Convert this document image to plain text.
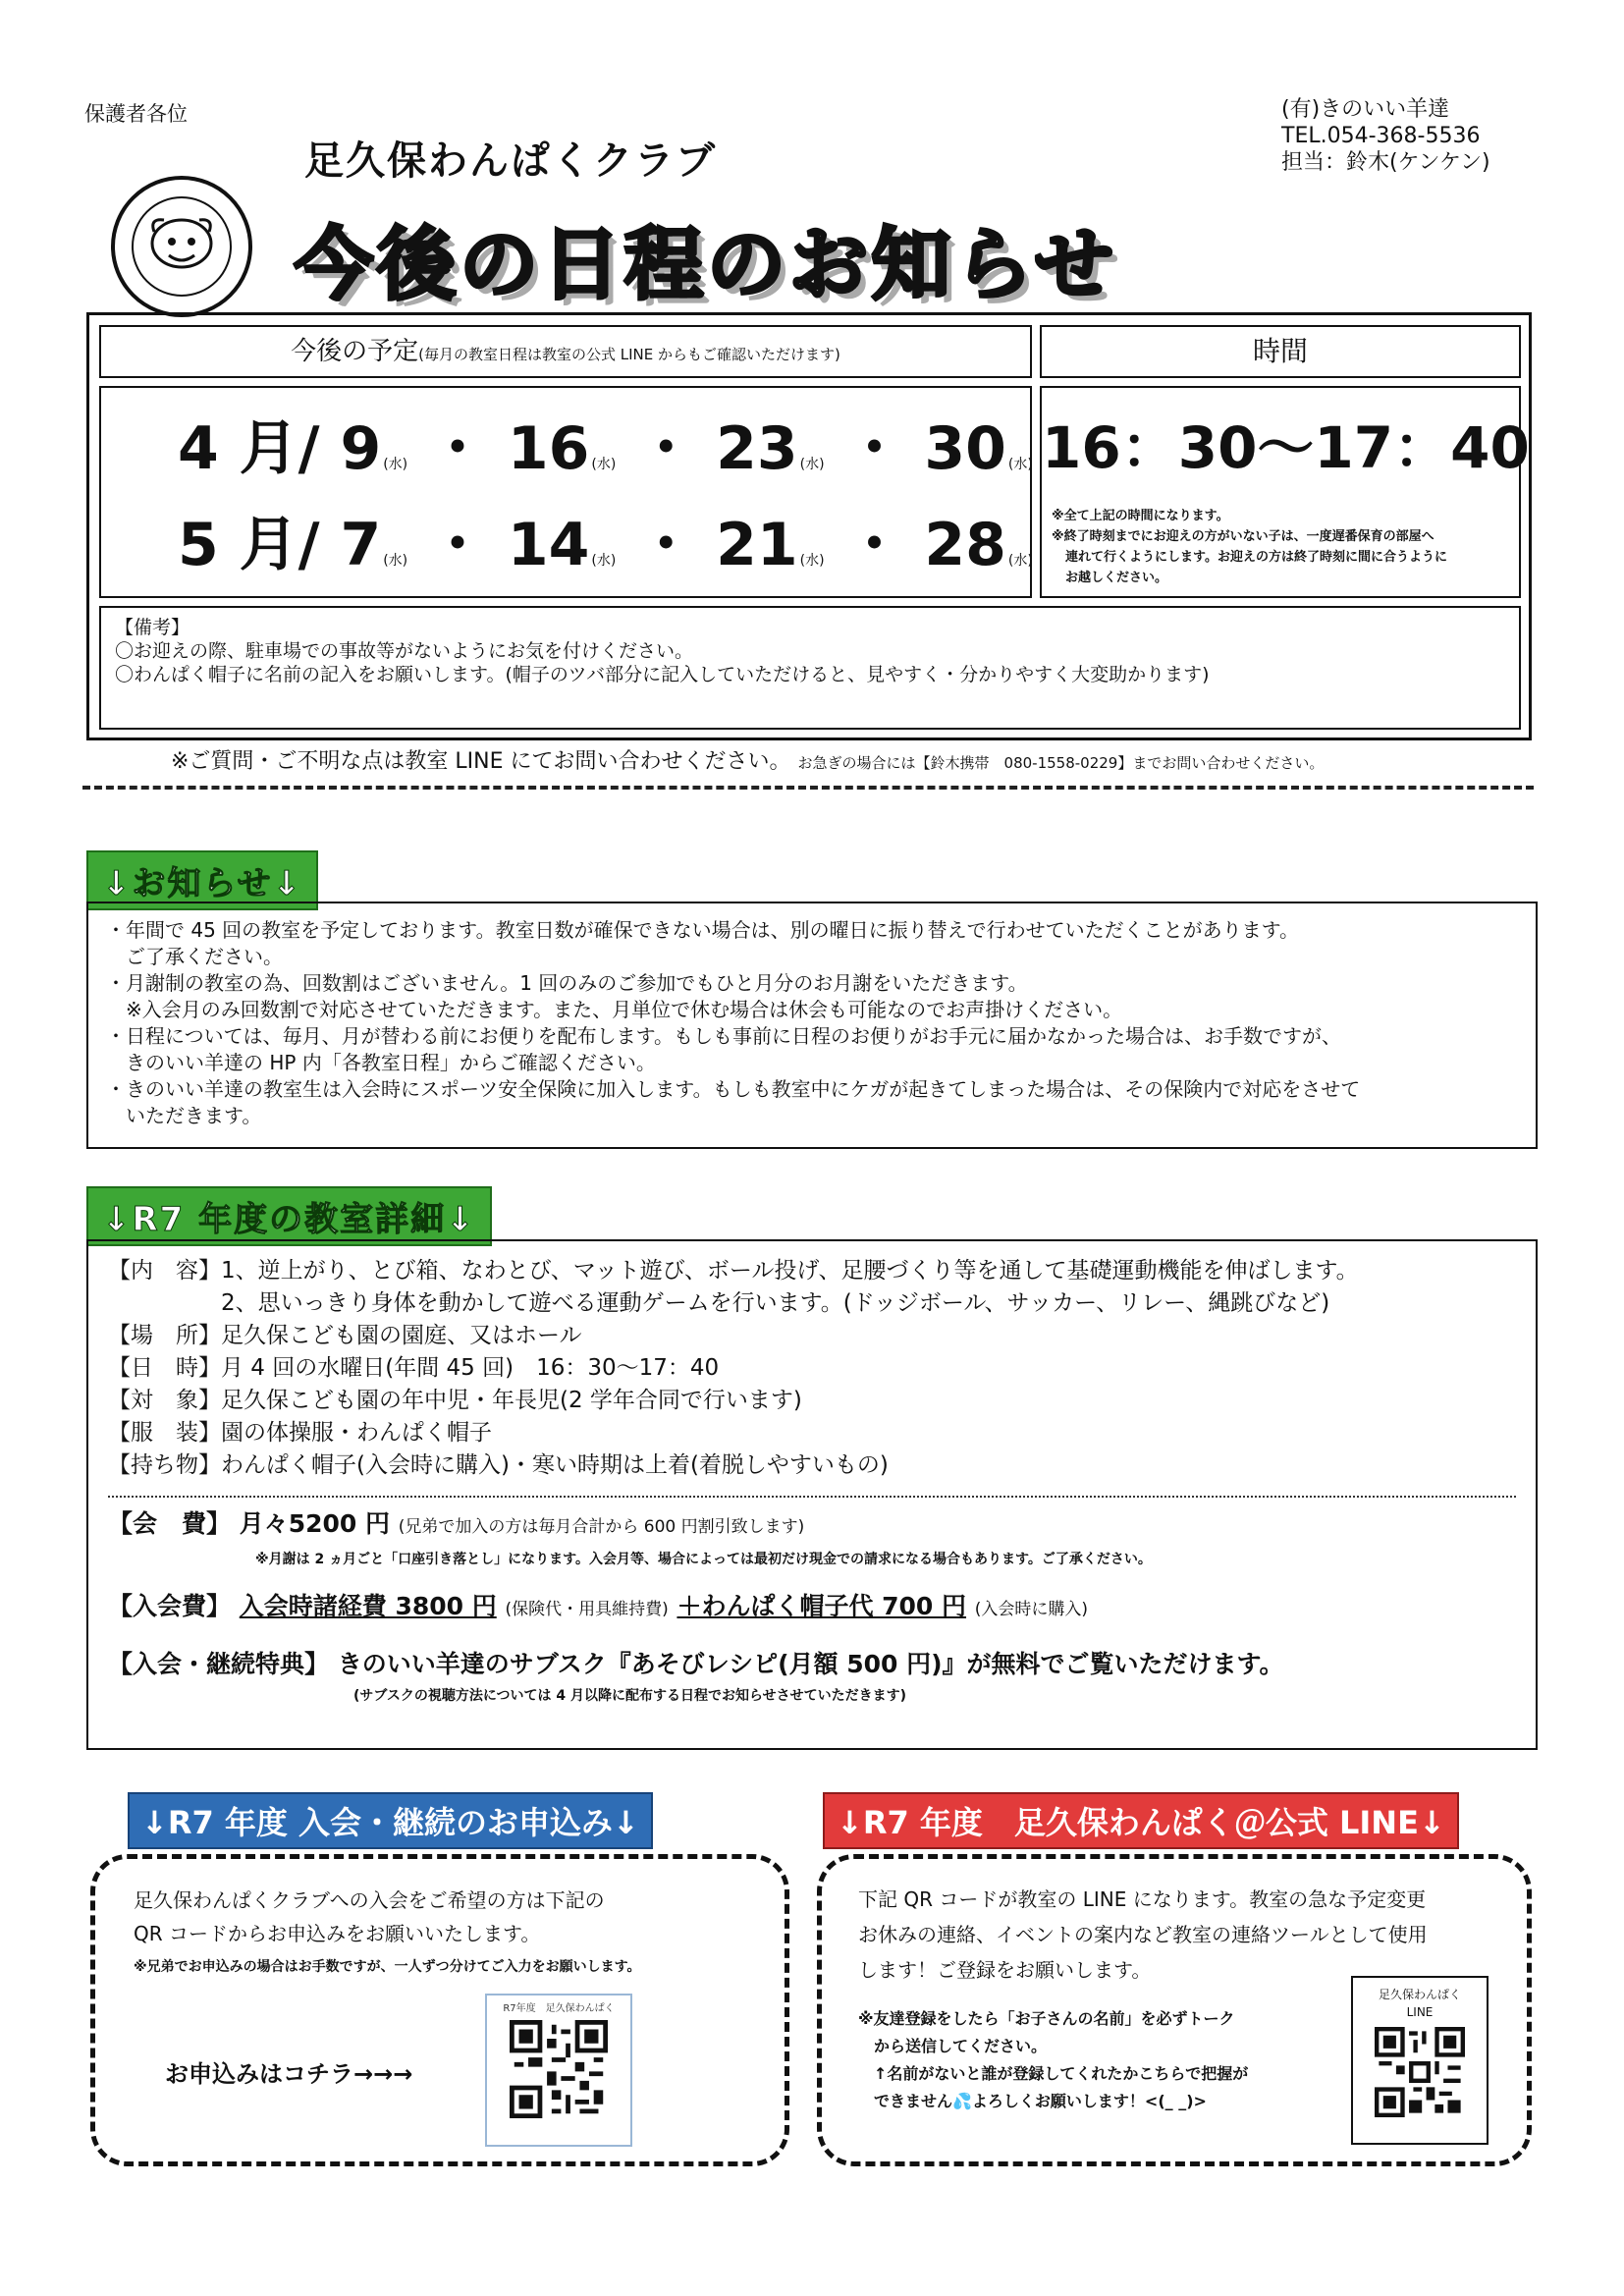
保護者各位	(有)きのいい羊達
TEL.054-368-5536
担当：鈴木(ケンケン)
足久保わんぱくクラブ
今後の日程のお知らせ
今後の予定(毎月の教室日程は教室の公式 LINE からもご確認いただけます)	時間
4 月/ 9 (水) ・ 16 (水) ・ 23 (水) ・ 30 (水)
5 月/ 7 (水) ・ 14 (水) ・ 21 (水) ・ 28 (水)
16：30～17：40
※全て上記の時間になります。
※終了時刻までにお迎えの方がいない子は、一度遅番保育の部屋へ
連れて行くようにします。お迎えの方は終了時刻に間に合うように
お越しください。
【備考】
〇お迎えの際、駐車場での事故等がないようにお気を付けください。
〇わんぱく帽子に名前の記入をお願いします。(帽子のツバ部分に記入していただけると、見やすく・分かりやすく大変助かります)
※ご質問・ご不明な点は教室 LINE にてお問い合わせください。 お急ぎの場合には【鈴木携帯　080-1558-0229】までお問い合わせください。
↓お知らせ↓
・年間で 45 回の教室を予定しております。教室日数が確保できない場合は、別の曜日に振り替えで行わせていただくことがあります。
　ご了承ください。
・月謝制の教室の為、回数割はございません。1 回のみのご参加でもひと月分のお月謝をいただきます。
　※入会月のみ回数割で対応させていただきます。また、月単位で休む場合は休会も可能なのでお声掛けください。
・日程については、毎月、月が替わる前にお便りを配布します。もしも事前に日程のお便りがお手元に届かなかった場合は、お手数ですが、
　きのいい羊達の HP 内「各教室日程」からご確認ください。
・きのいい羊達の教室生は入会時にスポーツ安全保険に加入します。もしも教室中にケガが起きてしまった場合は、その保険内で対応をさせて
　いただきます。
↓R7 年度の教室詳細↓
【内　容】1、逆上がり、とび箱、なわとび、マット遊び、ボール投げ、足腰づくり等を通して基礎運動機能を伸ばします。
　　　　　2、思いっきり身体を動かして遊べる運動ゲームを行います。(ドッジボール、サッカー、リレー、縄跳びなど)
【場　所】足久保こども園の園庭、又はホール
【日　時】月 4 回の水曜日(年間 45 回)　16：30～17：40
【対　象】足久保こども園の年中児・年長児(2 学年合同で行います)
【服　装】園の体操服・わんぱく帽子
【持ち物】わんぱく帽子(入会時に購入)・寒い時期は上着(着脱しやすいもの)
【会　費】 月々5200 円 (兄弟で加入の方は毎月合計から 600 円割引致します)
※月謝は 2 ヵ月ごと「口座引き落とし」になります。入会月等、場合によっては最初だけ現金での請求になる場合もあります。ご了承ください。
【入会費】 入会時諸経費 3800 円 (保険代・用具維持費) ＋わんぱく帽子代 700 円 (入会時に購入)
【入会・継続特典】 きのいい羊達のサブスク『あそびレシピ(月額 500 円)』が無料でご覧いただけます。
(サブスクの視聴方法については 4 月以降に配布する日程でお知らせさせていただきます)
↓R7 年度 入会・継続のお申込み↓
足久保わんぱくクラブへの入会をご希望の方は下記の
QR コードからお申込みをお願いいたします。
※兄弟でお申込みの場合はお手数ですが、一人ずつ分けてご入力をお願いします。
お申込みはコチラ→→→
R7年度　足久保わんぱく
↓R7 年度　足久保わんぱく＠公式 LINE↓
下記 QR コードが教室の LINE になります。教室の急な予定変更
お休みの連絡、イベントの案内など教室の連絡ツールとして使用
します！ご登録をお願いします。
※友達登録をしたら「お子さんの名前」を必ずトーク
　から送信してください。
　↑名前がないと誰が登録してくれたかこちらで把握が
　できません💦よろしくお願いします！<(_ _)>
足久保わんぱく
LINE
